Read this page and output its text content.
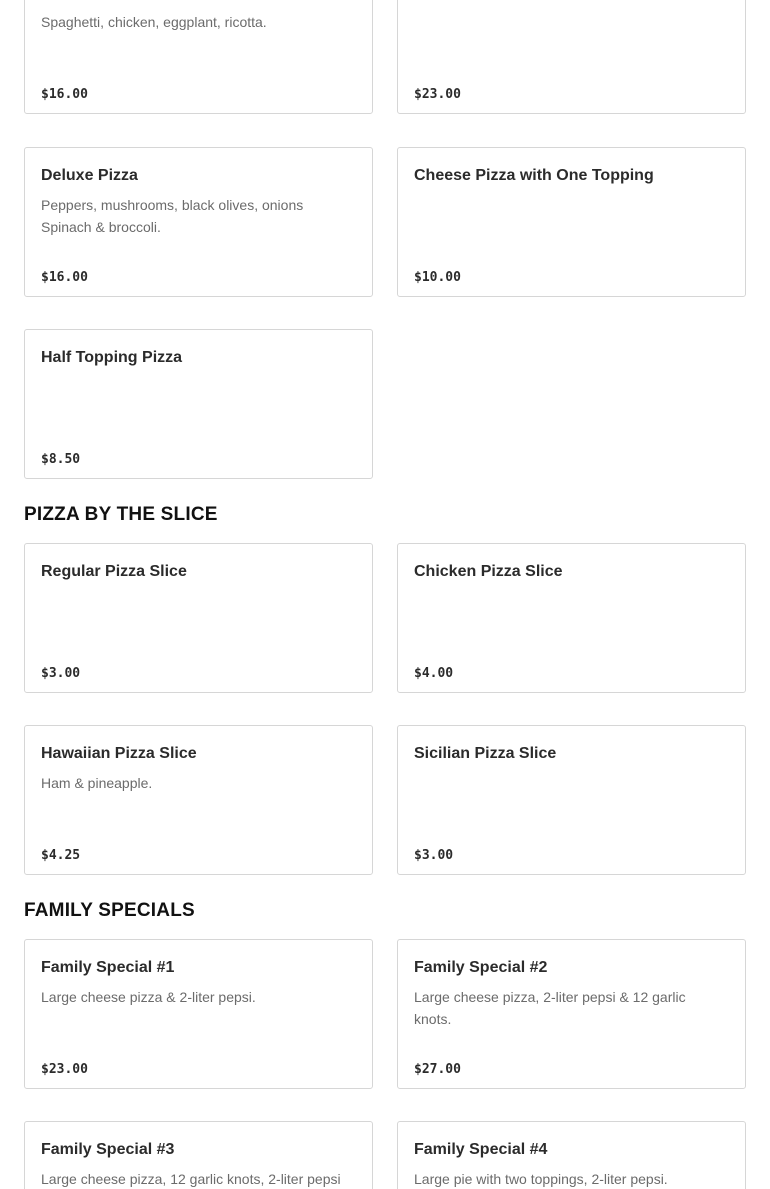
Spaghetti, chicken, eggplant, ricotta.
$16.00	$23.00
Deluxe Pizza
Peppers, mushrooms, black olives, onions Spinach & broccoli.
$16.00
Cheese Pizza with One Topping
$10.00
Half Topping Pizza
$8.50
PIZZA BY THE SLICE
Regular Pizza Slice
$3.00
Chicken Pizza Slice
$4.00
Hawaiian Pizza Slice
Ham & pineapple.
$4.25
Sicilian Pizza Slice
$3.00
FAMILY SPECIALS
Family Special #1
Large cheese pizza & 2-liter pepsi.
$23.00
Family Special #2
Large cheese pizza, 2-liter pepsi & 12 garlic knots.
$27.00
Family Special #3
Large cheese pizza, 12 garlic knots, 2-liter pepsi
Family Special #4
Large pie with two toppings, 2-liter pepsi.
